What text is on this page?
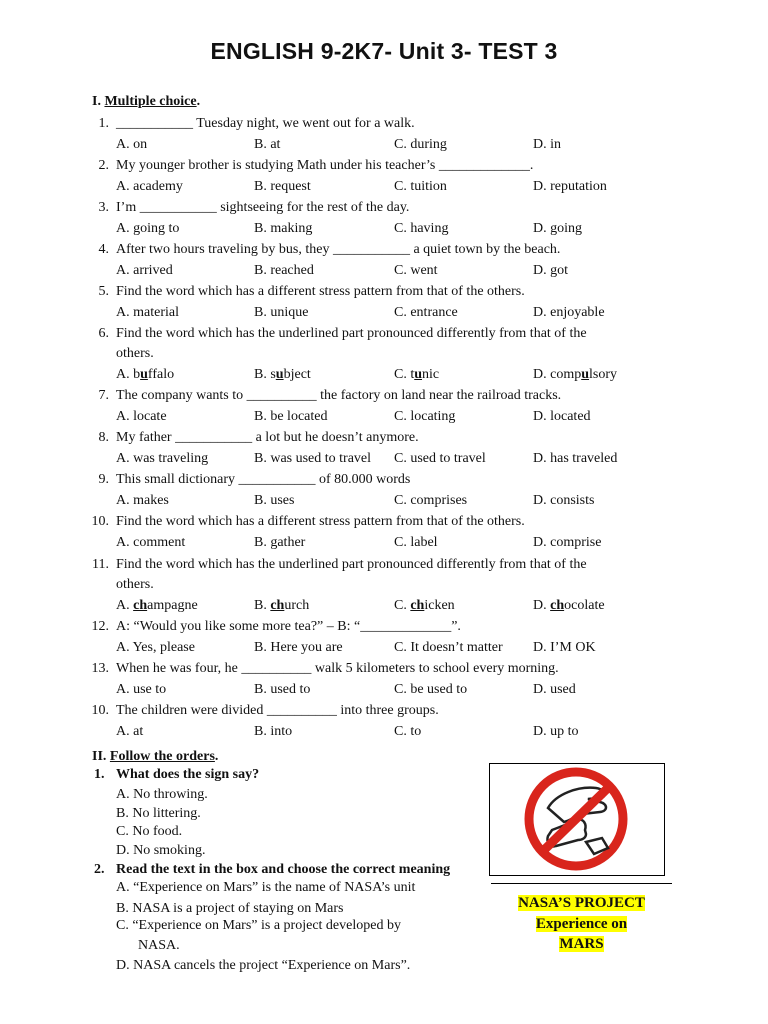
ENGLISH 9-2K7- Unit 3- TEST 3
I. Multiple choice.
1. ___________ Tuesday night, we went out for a walk.
A. on	B. at	C. during	D. in
2. My younger brother is studying Math under his teacher’s _____________.
A. academy	B. request	C. tuition	D. reputation
3. I’m ___________ sightseeing for the rest of the day.
A. going to	B. making	C. having	D. going
4. After two hours traveling by bus, they ___________ a quiet town by the beach.
A. arrived	B. reached	C. went	D. got
5. Find the word which has a different stress pattern from that of the others.
A. material	B. unique	C. entrance	D. enjoyable
6. Find the word which has the underlined part pronounced differently from that of the
others.
A. buffalo	B. subject	C. tunic	D. compulsory
7. The company wants to __________ the factory on land near the railroad tracks.
A. locate	B. be located	C. locating	D. located
8. My father ___________ a lot but he doesn’t anymore.
A. was traveling	B. was used to travel C. used to travel	D. has traveled
9. This small dictionary ___________ of 80.000 words
A. makes	B. uses	C. comprises	D. consists
10. Find the word which has a different stress pattern from that of the others.
A. comment	B. gather	C. label	D. comprise
11. Find the word which has the underlined part pronounced differently from that of the
others.
A. champagne	B. church	C. chicken	D. chocolate
12. A: “Would you like some more tea?” – B: “_____________”.
A. Yes, please	B. Here you are	C. It doesn’t matter D. I’M OK
13. When he was four, he __________ walk 5 kilometers to school every morning.
A. use to	B. used to	C. be used to	D. used
10. The children were divided __________ into three groups.
A. at	B. into	C. to	D. up to
II. Follow the orders.
1. What does the sign say?
A. No throwing.
B. No littering.
C. No food.
D. No smoking.
2. Read the text in the box and choose the correct meaning
A. “Experience on Mars” is the name of NASA’s unit
B. NASA is a project of staying on Mars
C. “Experience on Mars” is a project developed by
NASA.
D. NASA cancels the project “Experience on Mars”.
NASA’S PROJECT
Experience on
MARS
